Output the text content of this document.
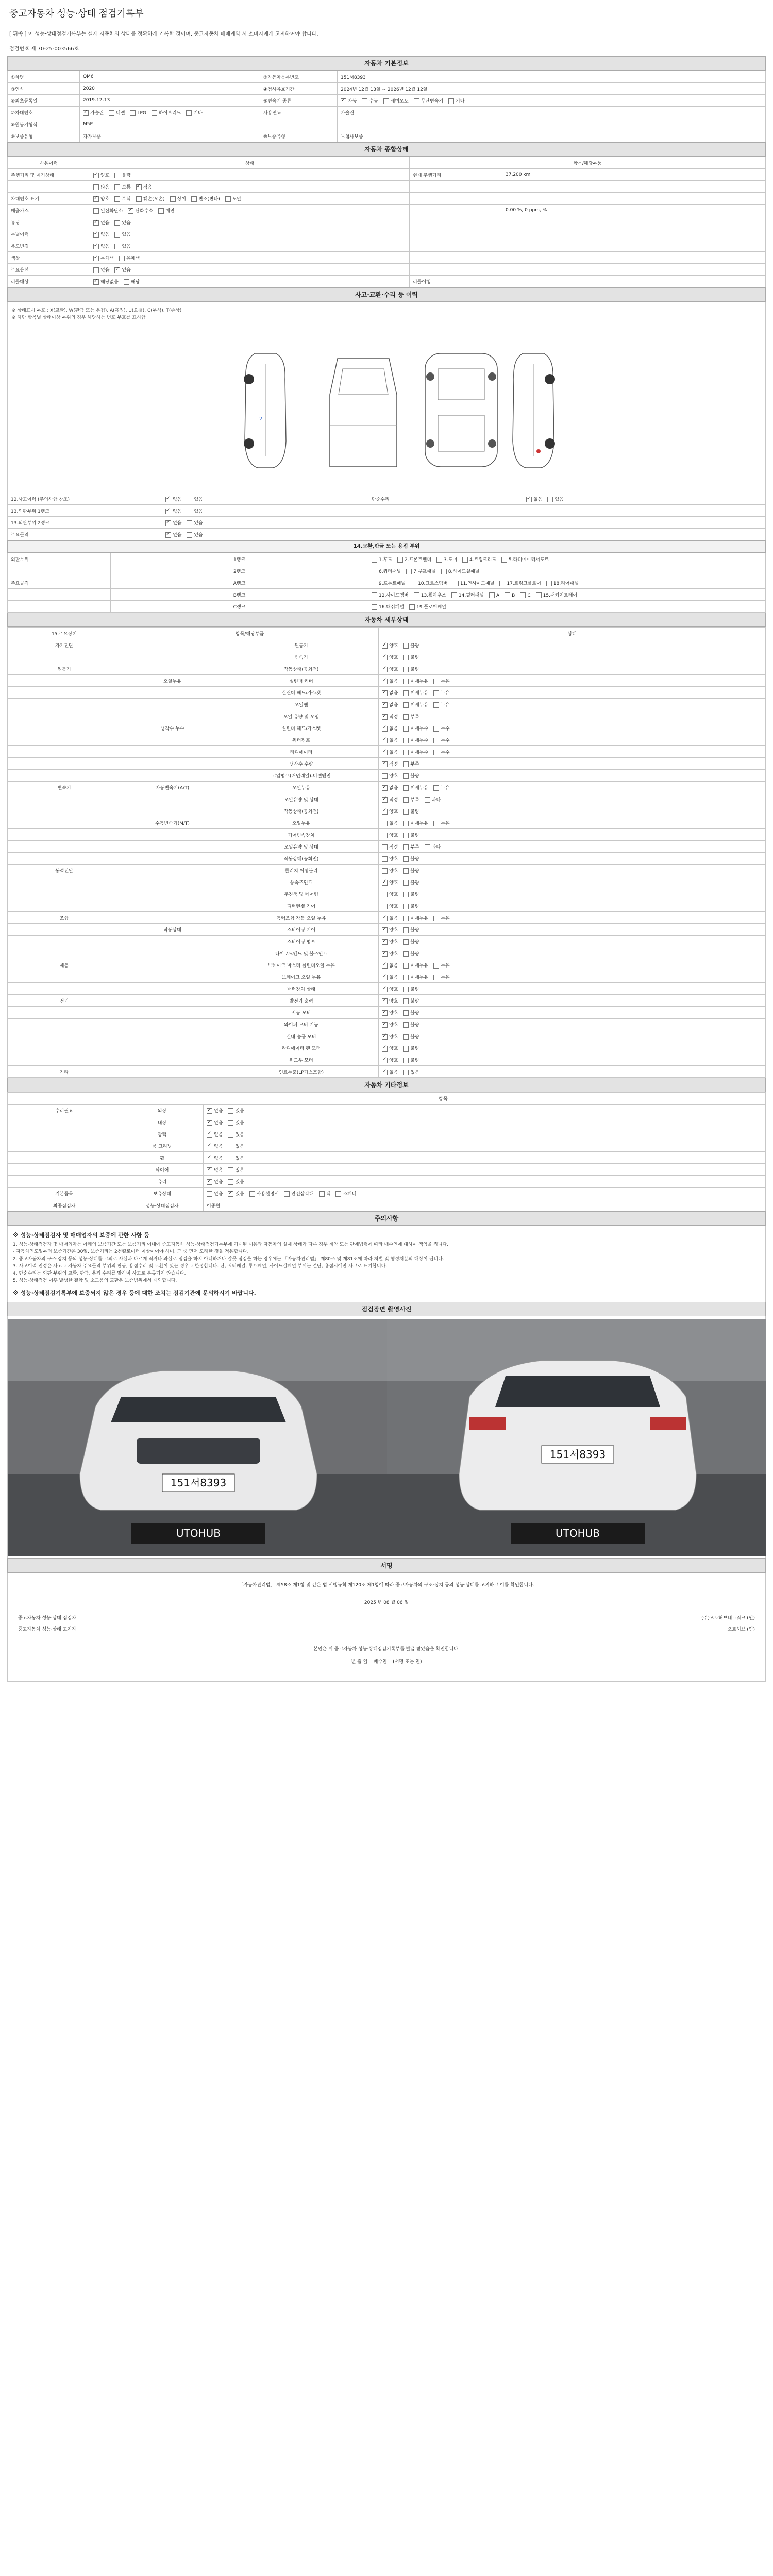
중고자동차 성능·상태 점검기록부
[ 뒤쪽 ] 이 성능·상태점검기록부는 실제 자동차의 상태를 정확하게 기록한 것이며, 중고자동차 매매계약 시 소비자에게 고지하여야 합니다.
점검번호 제 70-25-003566호
자동차 기본정보
①차명	QM6	②자동차등록번호	151서8393
③연식	2020	④검사유효기간	2024년 12월 13일 ~ 2026년 12월 12일
⑤최초등록일	2019-12-13	⑥변속기 종류	✓자동 수동 세미오토 무단변속기 기타
⑦차대번호	✓가솔린 디젤 LPG 하이브리드 기타	사용연료	가솔린
⑧원동기형식	M5P		
⑨보증유형	자가보증	⑩보증유형	보험사보증
자동차 종합상태
사용이력	상태	항목/해당부품	
주행거리 및 계기상태	✓양호 불량	현재 주행거리	37,200 km
	많음 보통 ✓ 적음		
차대번호 표기	✓양호 부식 훼손(오손) 상이 변조(변타) 도말		
배출가스	일산화탄소 ✓ 탄화수소 매연		0.00 %, 0 ppm, %
튜닝	✓없음 있음		
특별이력	✓없음 있음		
용도변경	✓없음 있음		
색상	✓무채색 유채색		
주요옵션	없음 ✓ 있음		
리콜대상	✓해당없음 해당	리콜이행	
사고·교환·수리 등 이력
※ 상태표시 부호 : X(교환), W(판금 또는 용접), A(흠집), U(요철), C(부식), T(손상)
※ 하단 항목별 상태이상 부위의 경우 해당하는 번호 부호를 표시함
2
12.사고이력 (주의사항 참조)	✓없음 있음	단순수리	✓없음 있음
13.외판부위 1랭크	✓없음 있음		
13.외판부위 2랭크	✓없음 있음		
주요골격	✓없음 있음		
14.교환,판금 또는 용접 부위
외판부위	1랭크	1.후드 2.프론트펜더 3.도어 4.트렁크리드 5.라디에이터서포트
	2랭크	6.쿼터패널 7.루프패널 8.사이드실패널
주요골격	A랭크	9.프론트패널 10.크로스멤버 11.인사이드패널 17.트렁크플로어 18.리어패널
	B랭크	12.사이드멤버 13.휠하우스 14.필러패널 A B C 15.패키지트레이
	C랭크	16.대쉬패널 19.플로어패널
자동차 세부상태
15.주요장치	항목/해당부품		상태
자기진단		원동기	✓양호 불량
		변속기	✓양호 불량
원동기		작동상태(공회전)	✓양호 불량
	오일누유	실린더 커버	✓없음 미세누유 누유
		실린더 헤드/가스켓	✓없음 미세누유 누유
		오일팬	✓없음 미세누유 누유
		오일 유량 및 오염	✓적정 부족
	냉각수 누수	실린더 헤드/가스켓	✓없음 미세누수 누수
		워터펌프	✓없음 미세누수 누수
		라디에이터	✓없음 미세누수 누수
		냉각수 수량	✓적정 부족
		고압펌프(커먼레일)-디젤엔진	양호 불량
변속기	자동변속기(A/T)	오일누유	✓없음 미세누유 누유
		오일유량 및 상태	✓적정 부족 과다
		작동상태(공회전)	✓양호 불량
	수동변속기(M/T)	오일누유	없음 미세누유 누유
		기어변속장치	양호 불량
		오일유량 및 상태	적정 부족 과다
		작동상태(공회전)	양호 불량
동력전달		클러치 어셈블리	양호 불량
		등속조인트	✓양호 불량
		추진축 및 베어링	양호 불량
		디퍼렌셜 기어	양호 불량
조향		동력조향 작동 오일 누유	✓없음 미세누유 누유
	작동상태	스티어링 기어	✓양호 불량
		스티어링 펌프	✓양호 불량
		타이로드엔드 및 볼조인트	✓양호 불량
제동		브레이크 마스터 실린더오일 누유	✓없음 미세누유 누유
		브레이크 오일 누유	✓없음 미세누유 누유
		배력장치 상태	✓양호 불량
전기		발전기 출력	✓양호 불량
		시동 모터	✓양호 불량
		와이퍼 모터 기능	✓양호 불량
		실내 송풍 모터	✓양호 불량
		라디에이터 팬 모터	✓양호 불량
		윈도우 모터	✓양호 불량
기타		연료누출(LP가스포함)	✓없음 있음
자동차 기타정보
	항목	
수리필요	외장	✓없음 있음
	내장	✓없음 있음
	광택	✓없음 있음
	룸 크리닝	✓없음 있음
	휠	✓없음 있음
	타이어	✓없음 있음
	유리	✓없음 있음
기본품목	보유상태	없음 ✓ 있음 사용설명서 안전삼각대 잭 스패너
최종점검자	성능·상태점검자	이종원
주의사항
※ 성능·상태점검자 및 매매업자의 보증에 관한 사항 등
1. 성능·상태점검자 및 매매업자는 아래의 보증기간 또는 보증거리 이내에 중고자동차 성능·상태점검기록부에 기재된 내용과 자동차의 실제 상태가 다른 경우 계약 또는 관계법령에 따라 매수인에 대하여 책임을 집니다.
- 자동차인도일부터 보증기간은 30일, 보증거리는 2천킬로미터 이상이어야 하며, 그 중 먼저 도래한 것을 적용합니다.
2. 중고자동차의 구조·장치 등의 성능·상태를 고의로 사실과 다르게 적거나 과실로 점검을 하지 아니하거나 잘못 점검을 하는 경우에는 「자동차관리법」 제80조 및 제81조에 따라 처벌 및 행정처분의 대상이 됩니다.
3. 사고이력 인정은 사고로 자동차 주요골격 부위의 판금, 용접수리 및 교환이 있는 경우로 한정합니다. 단, 쿼터패널, 루프패널, 사이드실패널 부위는 절단, 용접시에만 사고로 표기합니다.
4. 단순수리는 외판 부위의 교환, 판금, 용접 수리를 말하며 사고로 분류되지 않습니다.
5. 성능·상태점검 이후 발생한 결함 및 소모품의 교환은 보증범위에서 제외합니다.
※ 성능·상태점검기록부에 보증되지 않은 경우 등에 대한 조치는 점검기관에 문의하시기 바랍니다.
점검장면 촬영사진
151서8393
UTOHUB
151서8393
UTOHUB
서명
「자동차관리법」 제58조 제1항 및 같은 법 시행규칙 제120조 제1항에 따라 중고자동차의 구조·장치 등의 성능·상태를 고지하고 이를 확인합니다.
2025 년 08 월 06 일
중고자동차 성능·상태 점검자	(주)오토허브네트워크 (인)
중고자동차 성능·상태 고지자	오토허브 (인)
본인은 위 중고자동차 성능·상태점검기록부를 발급 받았음을 확인합니다.
년 월 일 매수인 (서명 또는 인)
